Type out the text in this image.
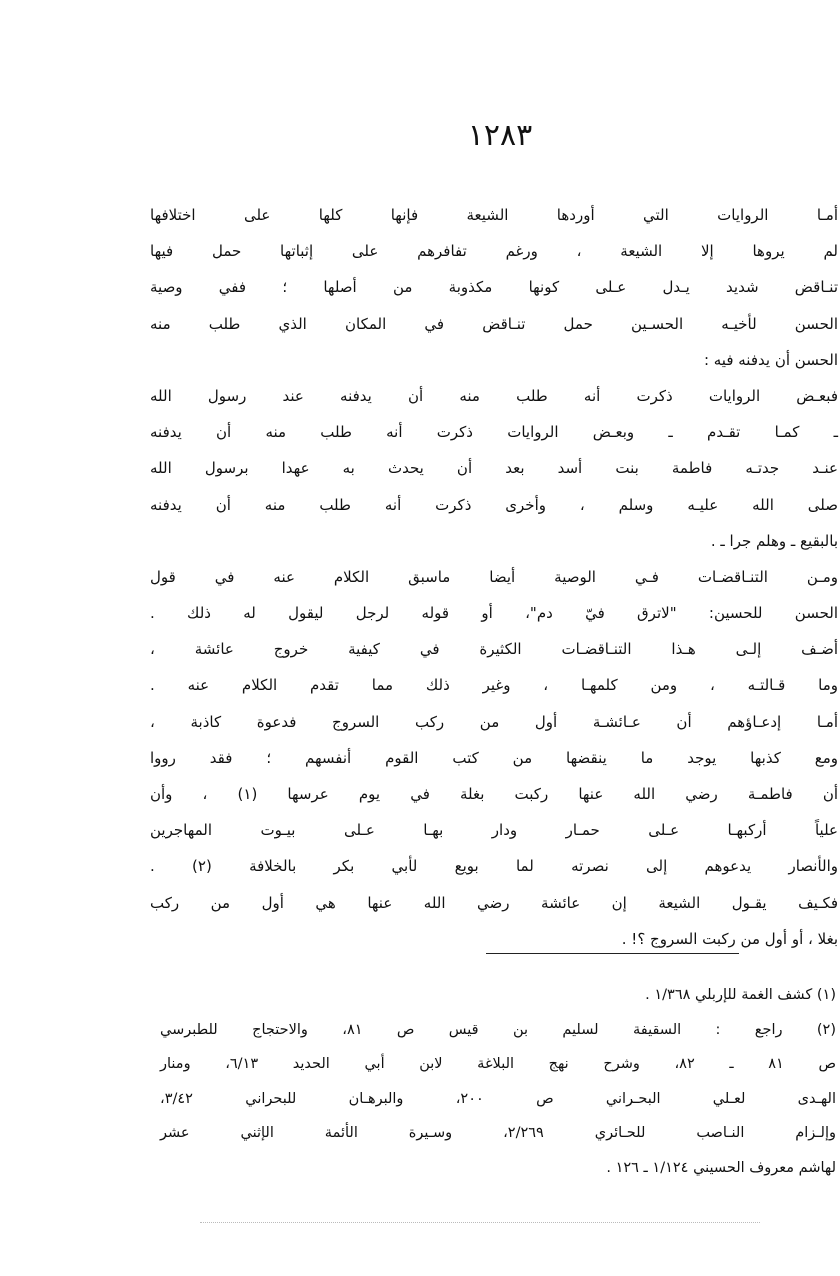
١٢٨٣
أمـا الروايات التي أوردها الشيعة فإنها كلها على اختلافها
لم يروها إلا الشيعة ، ورغم تفافرهم على إثباتها حمل فيها
تنـاقض شديد يـدل عـلى كونها مكذوبة من أصلها ؛ ففي وصية
الحسن لأخيـه الحسـين حمل تنـاقض في المكان الذي طلب منه
الحسن أن يدفنه فيه :
فبعـض الروايات ذكرت أنه طلب منه أن يدفنه عند رسول الله
ـ كمـا تقـدم ـ وبعـض الروايات ذكرت أنه طلب منه أن يدفنه
عنـد جدتـه فاطمة بنت أسد بعد أن يحدث به عهدا برسول الله
صلى الله عليـه وسلم ، وأخرى ذكرت أنه طلب منه أن يدفنه
بالبقيع ـ وهلم جرا ـ .
ومـن التنـاقضـات فـي الوصية أيضا ماسبق الكلام عنه في قول
الحسن للحسين: "لاترق فيّ دم"، أو قوله لرجل ليقول له ذلك .
أضـف إلـى هـذا التنـاقضـات الكثيرة في كيفية خروج عائشة ،
وما قـالتـه ، ومن كلمهـا ، وغير ذلك مما تقدم الكلام عنه .
أمـا إدعـاؤهم أن عـائشـة أول من ركب السروج فدعوة كاذبة ،
ومع كذبها يوجد ما ينقضها من كتب القوم أنفسهم ؛ فقد رووا
أن فاطمـة رضي الله عنها ركبت بغلة في يوم عرسها (١) ، وأن
علياً أركبهـا عـلى حمـار ودار بهـا عـلى بيـوت المهاجرين
والأنصار يدعوهم إلى نصرته لما بويع لأبي بكر بالخلافة (٢) .
فكـيف يقـول الشيعة إن عائشة رضي الله عنها هي أول من ركب
بغلا ، أو أول من ركبت السروج ؟! .
(١) كشف الغمة للإربلي ١/٣٦٨ .
(٢) راجع : السقيفة لسليم بن قيس ص ٨١، والاحتجاج للطبرسي
ص ٨١ ـ ٨٢، وشرح نهج البلاغة لابن أبي الحديد ٦/١٣، ومنار
الهـدى لعـلي البحـراني ص ٢٠٠، والبرهـان للبحراني ٣/٤٢،
وإلـزام النـاصب للحـائري ٢/٢٦٩، وسـيرة الأئمة الإثني عشر
لهاشم معروف الحسيني ١/١٢٤ ـ ١٢٦ .
